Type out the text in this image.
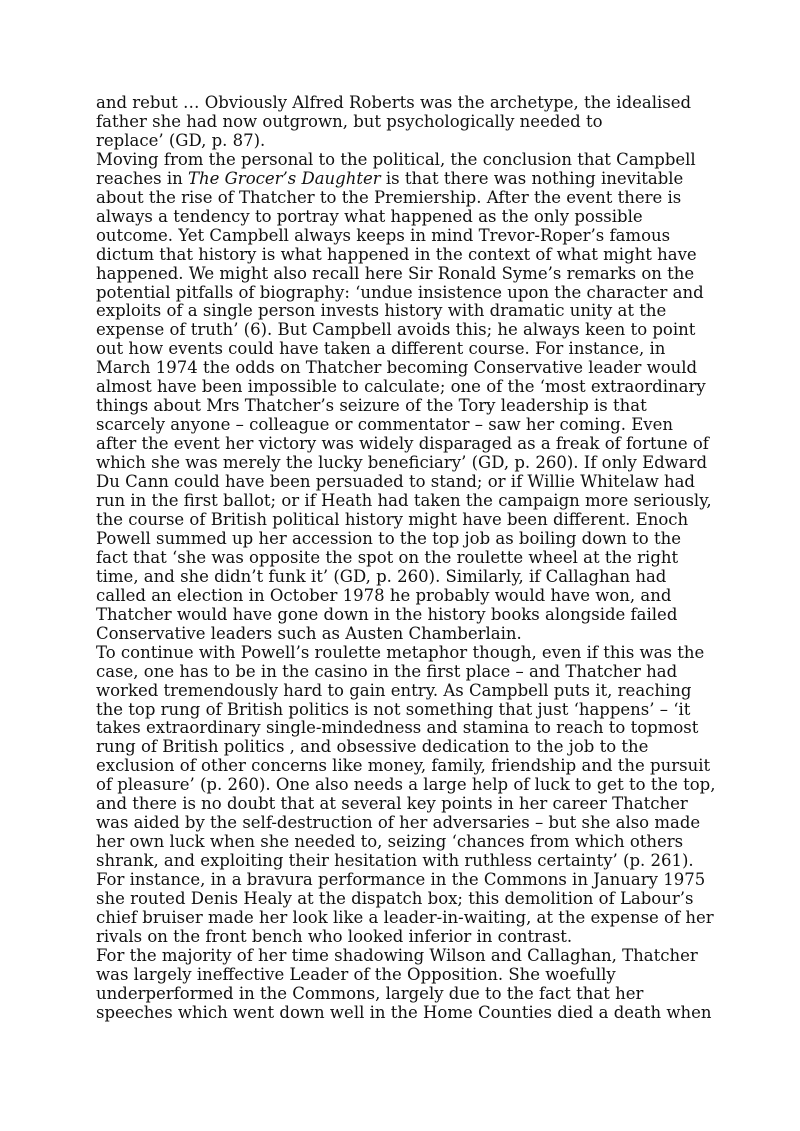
and rebut … Obviously Alfred Roberts was the archetype, the idealised
father she had now outgrown, but psychologically needed to
replace’ (GD, p. 87).

Moving from the personal to the political, the conclusion that Campbell
reaches in The Grocer’s Daughter is that there was nothing inevitable
about the rise of Thatcher to the Premiership. After the event there is
always a tendency to portray what happened as the only possible
outcome. Yet Campbell always keeps in mind Trevor-Roper’s famous
dictum that history is what happened in the context of what might have
happened. We might also recall here Sir Ronald Syme’s remarks on the
potential pitfalls of biography: ‘undue insistence upon the character and
exploits of a single person invests history with dramatic unity at the
expense of truth’ (6). But Campbell avoids this; he always keen to point
out how events could have taken a different course. For instance, in
March 1974 the odds on Thatcher becoming Conservative leader would
almost have been impossible to calculate; one of the ‘most extraordinary
things about Mrs Thatcher’s seizure of the Tory leadership is that
scarcely anyone – colleague or commentator – saw her coming. Even
after the event her victory was widely disparaged as a freak of fortune of
which she was merely the lucky beneficiary’ (GD, p. 260). If only Edward
Du Cann could have been persuaded to stand; or if Willie Whitelaw had
run in the first ballot; or if Heath had taken the campaign more seriously,
the course of British political history might have been different. Enoch
Powell summed up her accession to the top job as boiling down to the
fact that ‘she was opposite the spot on the roulette wheel at the right
time, and she didn’t funk it’ (GD, p. 260). Similarly, if Callaghan had
called an election in October 1978 he probably would have won, and
Thatcher would have gone down in the history books alongside failed
Conservative leaders such as Austen Chamberlain.

To continue with Powell’s roulette metaphor though, even if this was the
case, one has to be in the casino in the first place – and Thatcher had
worked tremendously hard to gain entry. As Campbell puts it, reaching
the top rung of British politics is not something that just ‘happens’ – ‘it
takes extraordinary single-mindedness and stamina to reach to topmost
rung of British politics , and obsessive dedication to the job to the
exclusion of other concerns like money, family, friendship and the pursuit
of pleasure’ (p. 260). One also needs a large help of luck to get to the top,
and there is no doubt that at several key points in her career Thatcher
was aided by the self-destruction of her adversaries – but she also made
her own luck when she needed to, seizing ‘chances from which others
shrank, and exploiting their hesitation with ruthless certainty’ (p. 261).
For instance, in a bravura performance in the Commons in January 1975
she routed Denis Healy at the dispatch box; this demolition of Labour’s
chief bruiser made her look like a leader-in-waiting, at the expense of her
rivals on the front bench who looked inferior in contrast.

For the majority of her time shadowing Wilson and Callaghan, Thatcher
was largely ineffective Leader of the Opposition. She woefully
underperformed in the Commons, largely due to the fact that her
speeches which went down well in the Home Counties died a death when
